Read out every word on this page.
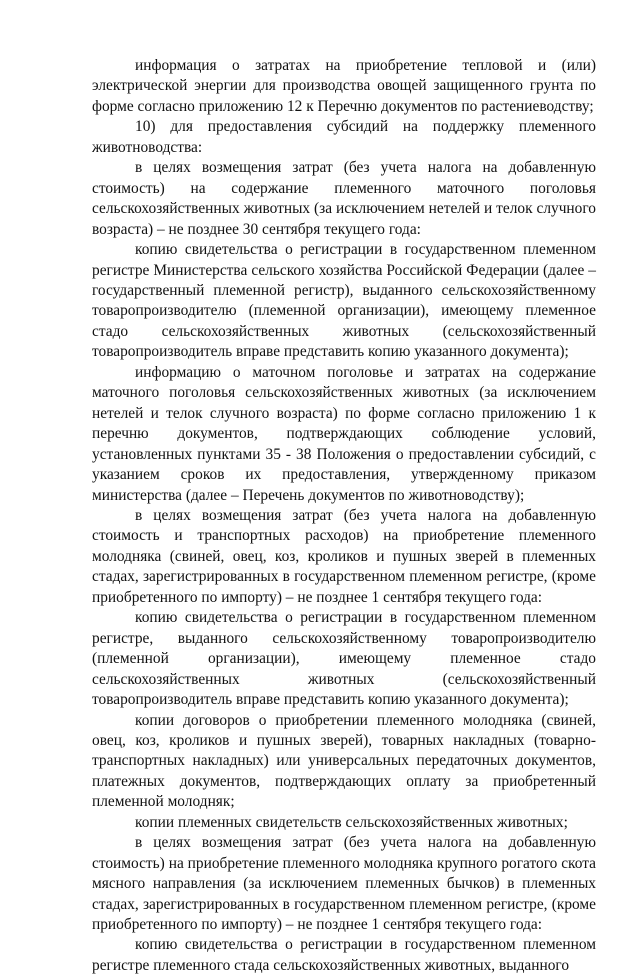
информация о затратах на приобретение тепловой и (или) электрической энергии для производства овощей защищенного грунта по форме согласно приложению 12 к Перечню документов по растениеводству;

10) для предоставления субсидий на поддержку племенного животноводства:

в целях возмещения затрат (без учета налога на добавленную стоимость) на содержание племенного маточного поголовья сельскохозяйственных животных (за исключением нетелей и телок случного возраста) – не позднее 30 сентября текущего года:

копию свидетельства о регистрации в государственном племенном регистре Министерства сельского хозяйства Российской Федерации (далее – государственный племенной регистр), выданного сельскохозяйственному товаропроизводителю (племенной организации), имеющему племенное стадо сельскохозяйственных животных (сельскохозяйственный товаропроизводитель вправе представить копию указанного документа);

информацию о маточном поголовье и затратах на содержание маточного поголовья сельскохозяйственных животных (за исключением нетелей и телок случного возраста) по форме согласно приложению 1 к перечню документов, подтверждающих соблюдение условий, установленных пунктами 35 - 38 Положения о предоставлении субсидий, с указанием сроков их предоставления, утвержденному приказом министерства (далее – Перечень документов по животноводству);

в целях возмещения затрат (без учета налога на добавленную стоимость и транспортных расходов) на приобретение племенного молодняка (свиней, овец, коз, кроликов и пушных зверей в племенных стадах, зарегистрированных в государственном племенном регистре, (кроме приобретенного по импорту) – не позднее 1 сентября текущего года:

копию свидетельства о регистрации в государственном племенном регистре, выданного сельскохозяйственному товаропроизводителю (племенной организации), имеющему племенное стадо сельскохозяйственных животных (сельскохозяйственный товаропроизводитель вправе представить копию указанного документа);

копии договоров о приобретении племенного молодняка (свиней, овец, коз, кроликов и пушных зверей), товарных накладных (товарно-транспортных накладных) или универсальных передаточных документов, платежных документов, подтверждающих оплату за приобретенный племенной молодняк;

копии племенных свидетельств сельскохозяйственных животных;

в целях возмещения затрат (без учета налога на добавленную стоимость) на приобретение племенного молодняка крупного рогатого скота мясного направления (за исключением племенных бычков) в племенных стадах, зарегистрированных в государственном племенном регистре, (кроме приобретенного по импорту) – не позднее 1 сентября текущего года:

копию свидетельства о регистрации в государственном племенном регистре племенного стада сельскохозяйственных животных, выданного
